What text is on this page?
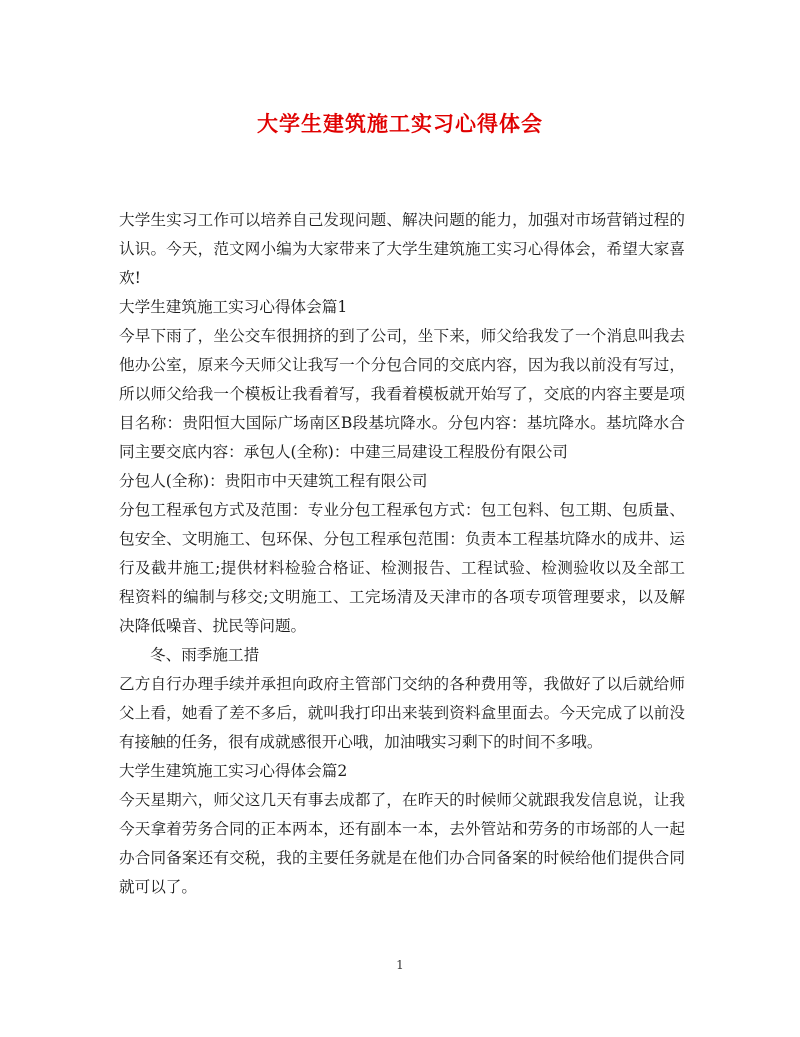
大学生建筑施工实习心得体会

大学生实习工作可以培养自己发现问题、解决问题的能力，加强对市场营销过程的认识。今天，范文网小编为大家带来了大学生建筑施工实习心得体会，希望大家喜欢!

大学生建筑施工实习心得体会篇1

今早下雨了，坐公交车很拥挤的到了公司，坐下来，师父给我发了一个消息叫我去他办公室，原来今天师父让我写一个分包合同的交底内容，因为我以前没有写过，所以师父给我一个模板让我看着写，我看着模板就开始写了，交底的内容主要是项目名称：贵阳恒大国际广场南区B段基坑降水。分包内容：基坑降水。基坑降水合同主要交底内容：承包人(全称)：中建三局建设工程股份有限公司

分包人(全称)：贵阳市中天建筑工程有限公司

分包工程承包方式及范围：专业分包工程承包方式：包工包料、包工期、包质量、包安全、文明施工、包环保、分包工程承包范围：负责本工程基坑降水的成井、运行及截井施工;提供材料检验合格证、检测报告、工程试验、检测验收以及全部工程资料的编制与移交;文明施工、工完场清及天津市的各项专项管理要求，以及解决降低噪音、扰民等问题。

冬、雨季施工措

乙方自行办理手续并承担向政府主管部门交纳的各种费用等，我做好了以后就给师父上看，她看了差不多后，就叫我打印出来装到资料盒里面去。今天完成了以前没有接触的任务，很有成就感很开心哦，加油哦实习剩下的时间不多哦。

大学生建筑施工实习心得体会篇2

今天星期六，师父这几天有事去成都了，在昨天的时候师父就跟我发信息说，让我今天拿着劳务合同的正本两本，还有副本一本，去外管站和劳务的市场部的人一起办合同备案还有交税，我的主要任务就是在他们办合同备案的时候给他们提供合同就可以了。

1
